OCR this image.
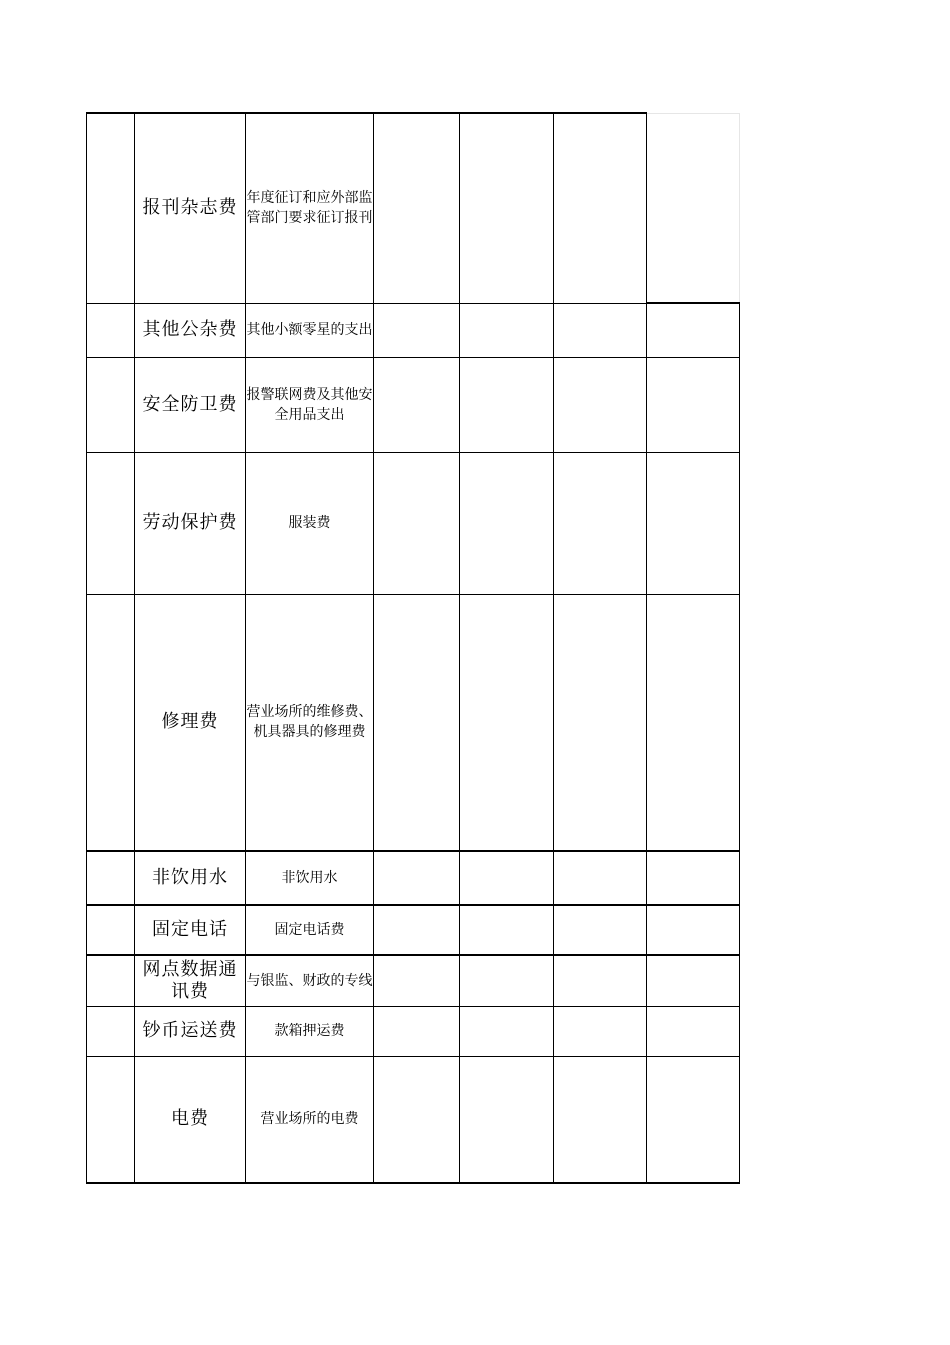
	报刊杂志费	年度征订和应外部监管部门要求征订报刊				
	其他公杂费	其他小额零星的支出				
	安全防卫费	报警联网费及其他安全用品支出				
	劳动保护费	服装费				
	修理费	营业场所的维修费、机具器具的修理费				
	非饮用水	非饮用水				
	固定电话	固定电话费				
	网点数据通讯费	与银监、财政的专线				
	钞币运送费	款箱押运费				
	电费	营业场所的电费				
